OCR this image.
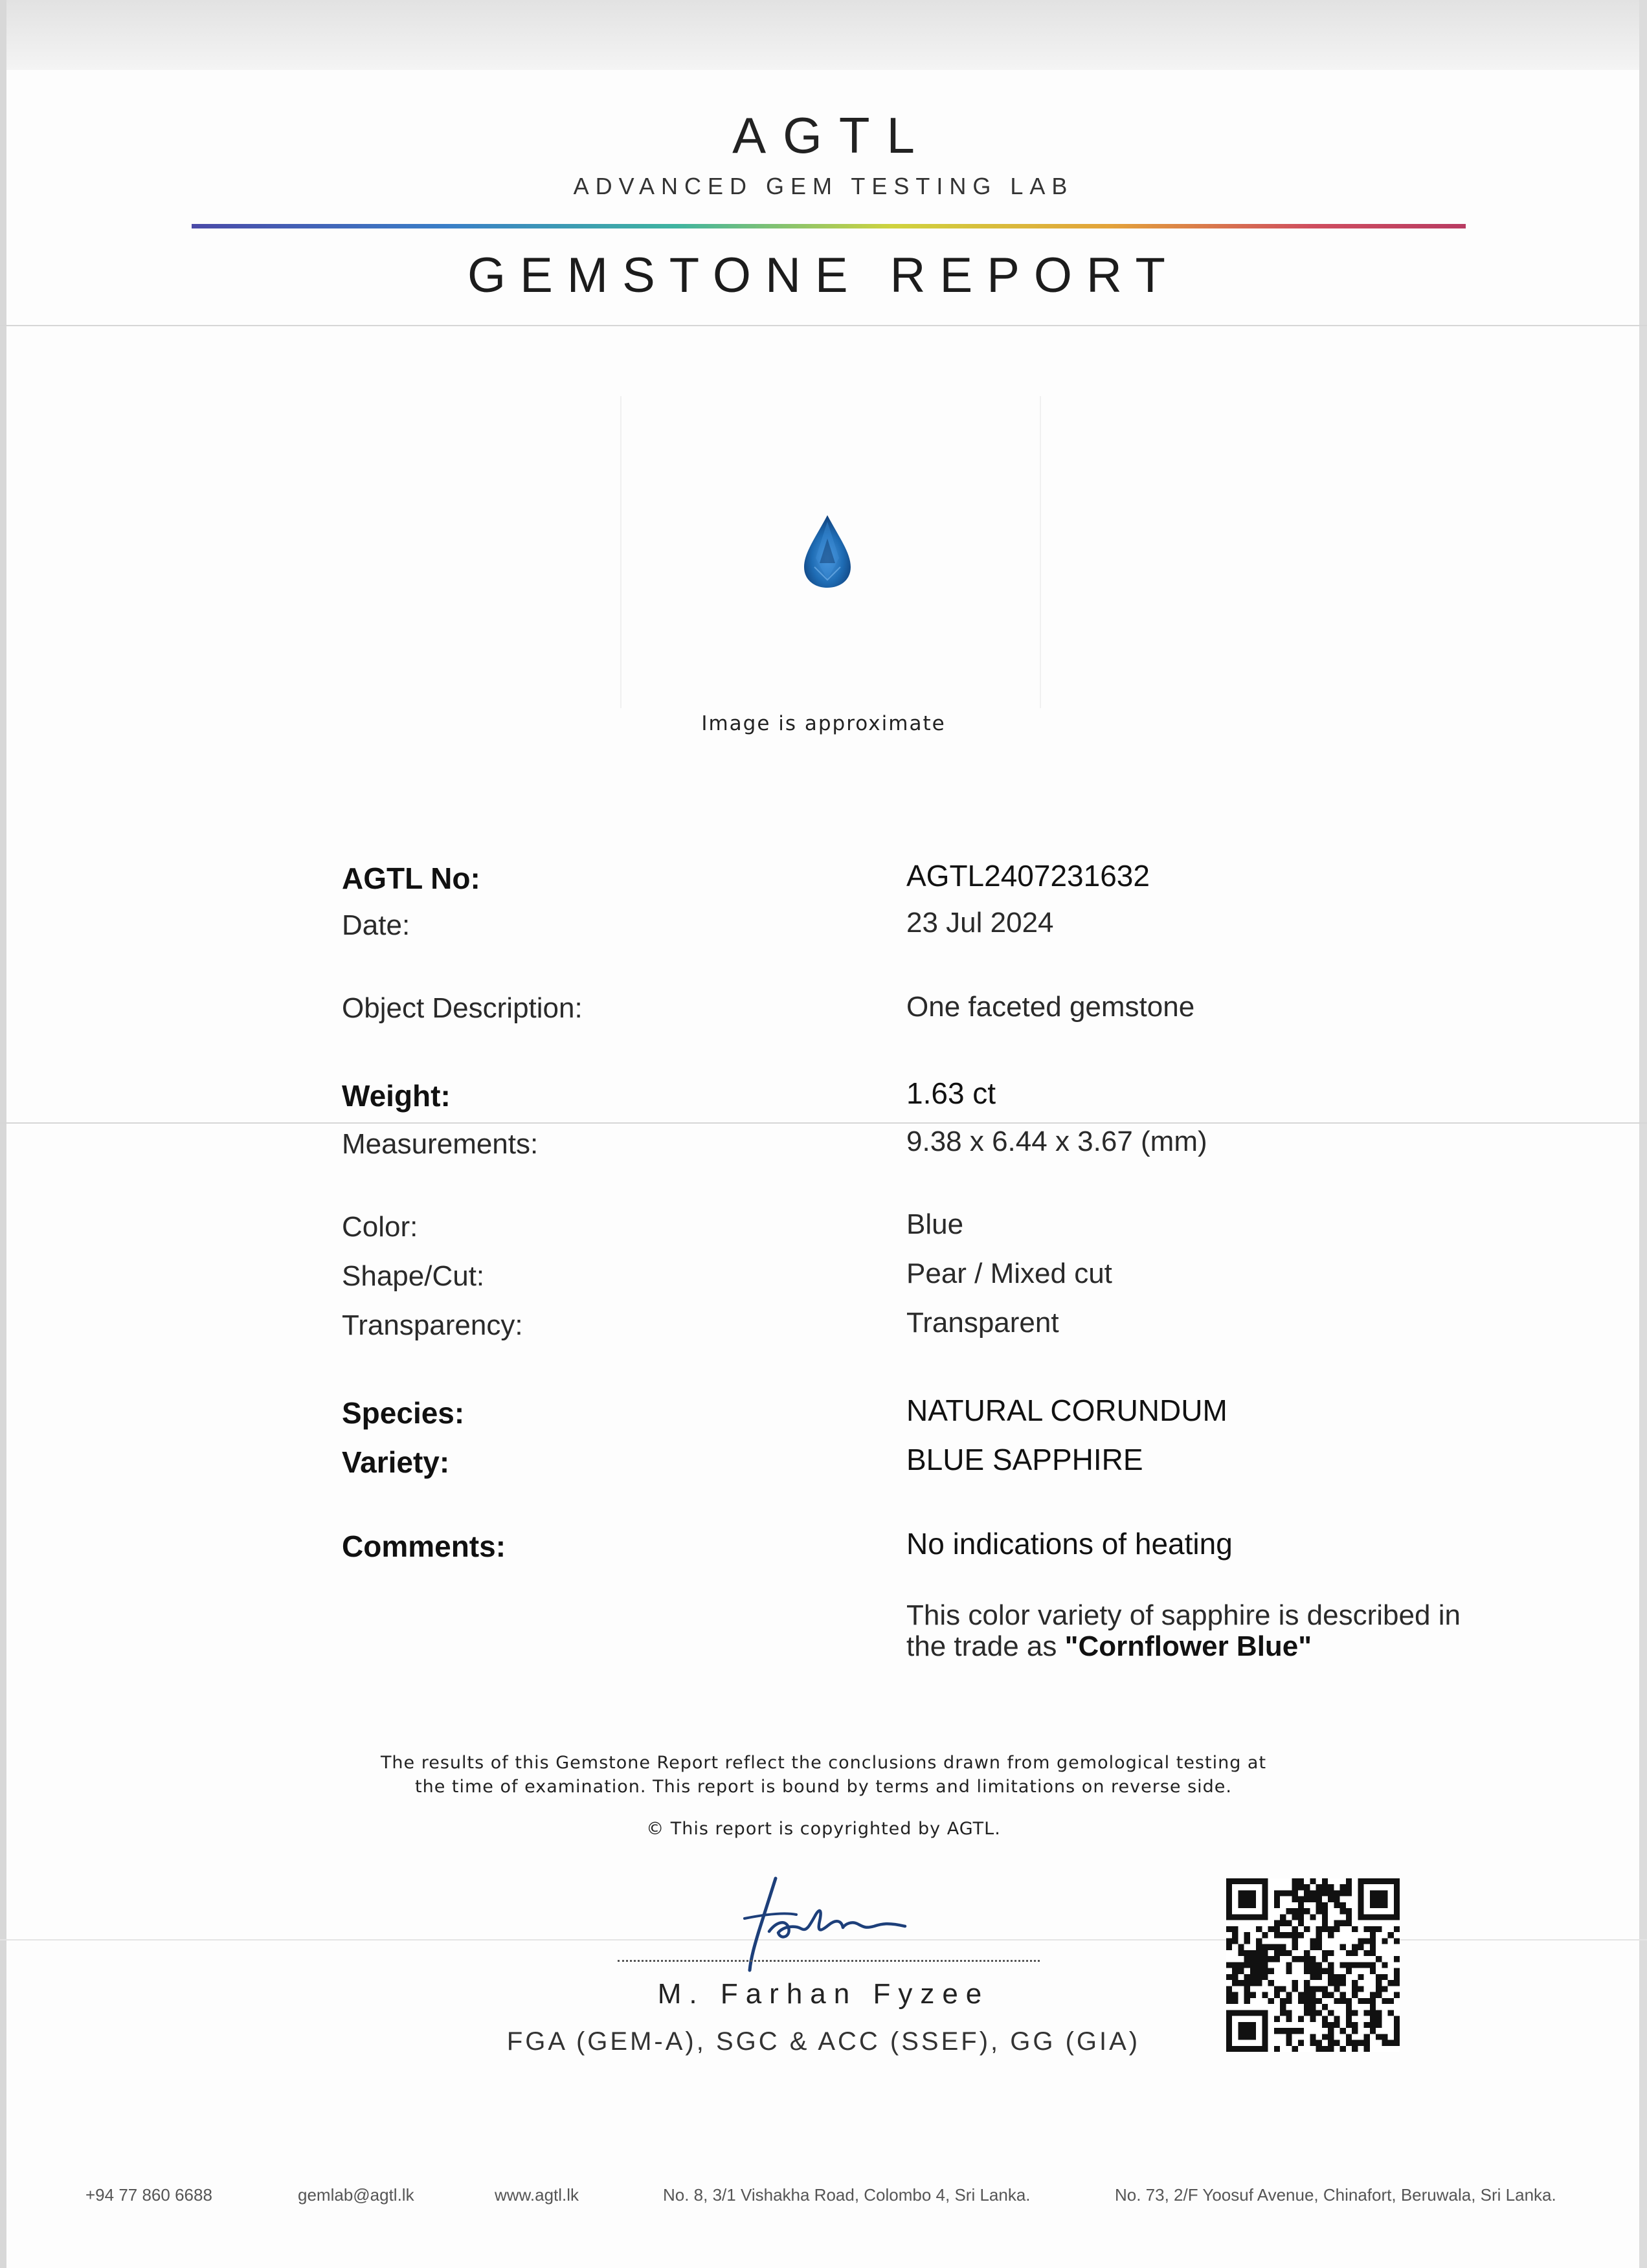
AGTL
ADVANCED GEM TESTING LAB
GEMSTONE REPORT
Image is approximate
AGTL No:	AGTL2407231632
Date:	23 Jul 2024
Object Description:	One faceted gemstone
Weight:	1.63 ct
Measurements:	9.38 x 6.44 x 3.67 (mm)
Color:	Blue
Shape/Cut:	Pear / Mixed cut
Transparency:	Transparent
Species:	NATURAL CORUNDUM
Variety:	BLUE SAPPHIRE
Comments:	No indications of heating
This color variety of sapphire is described in the trade as "Cornflower Blue"
The results of this Gemstone Report reflect the conclusions drawn from gemological testing at
the time of examination. This report is bound by terms and limitations on reverse side.
© This report is copyrighted by AGTL.
M. Farhan Fyzee
FGA (GEM-A), SGC & ACC (SSEF), GG (GIA)
+94 77 860 6688	gemlab@agtl.lk	www.agtl.lk	No. 8, 3/1 Vishakha Road, Colombo 4, Sri Lanka.	No. 73, 2/F Yoosuf Avenue, Chinafort, Beruwala, Sri Lanka.
